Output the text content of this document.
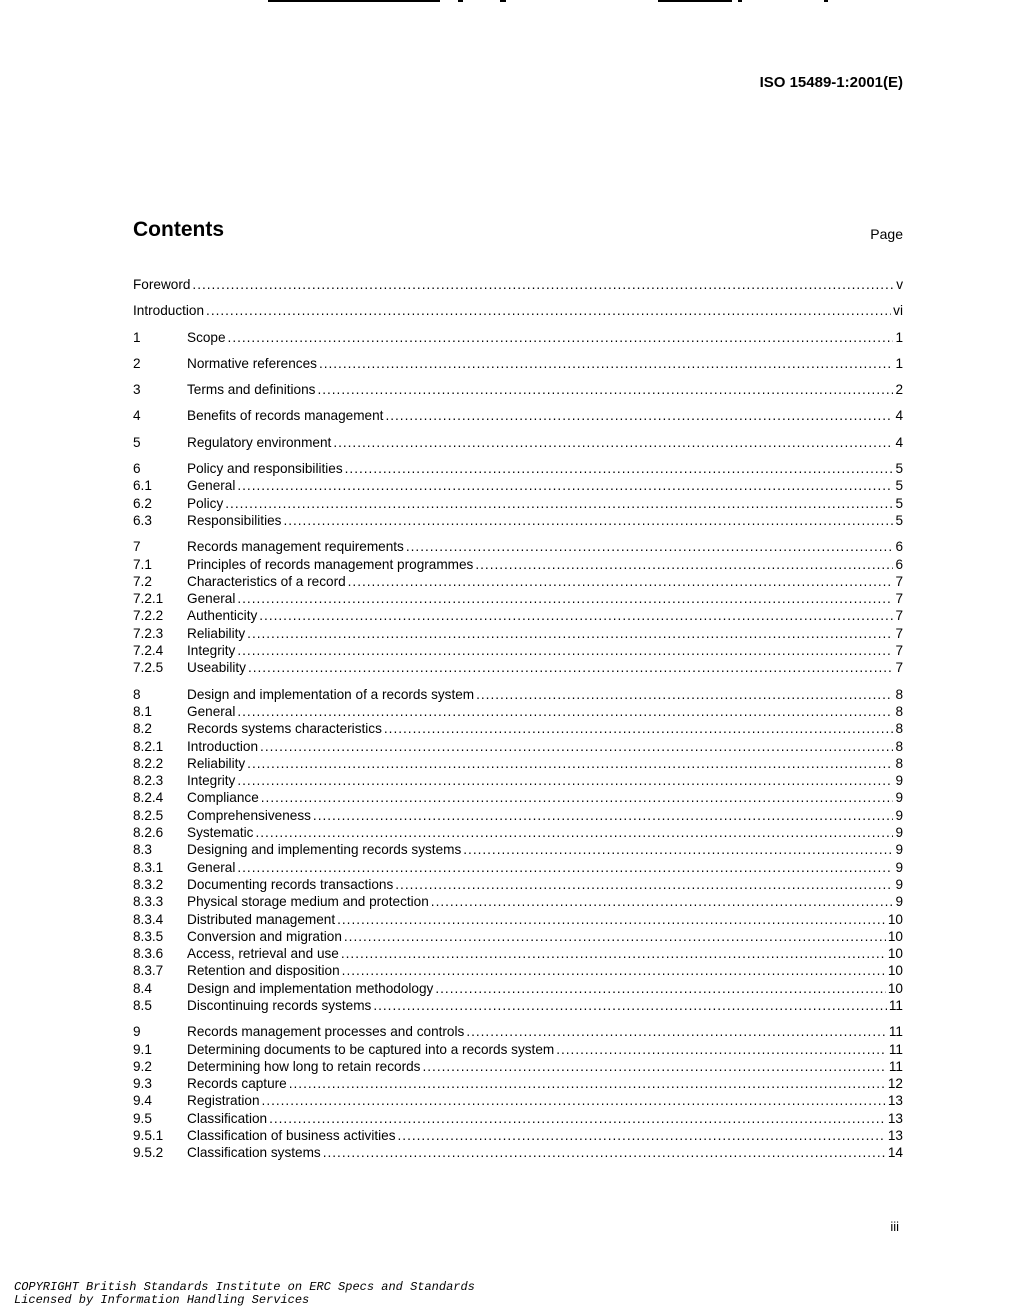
ISO 15489-1:2001(E)
Contents	Page
Foreword .....	v
Introduction .....	vi
1	Scope .....	1
2	Normative references .....	1
3	Terms and definitions .....	2
4	Benefits of records management .....	4
5	Regulatory environment .....	4
6	Policy and responsibilities .....	5
6.1	General .....	5
6.2	Policy .....	5
6.3	Responsibilities .....	5
7	Records management requirements .....	6
7.1	Principles of records management programmes .....	6
7.2	Characteristics of a record .....	7
7.2.1	General .....	7
7.2.2	Authenticity .....	7
7.2.3	Reliability .....	7
7.2.4	Integrity .....	7
7.2.5	Useability .....	7
8	Design and implementation of a records system .....	8
8.1	General .....	8
8.2	Records systems characteristics .....	8
8.2.1	Introduction .....	8
8.2.2	Reliability .....	8
8.2.3	Integrity .....	9
8.2.4	Compliance .....	9
8.2.5	Comprehensiveness .....	9
8.2.6	Systematic .....	9
8.3	Designing and implementing records systems .....	9
8.3.1	General .....	9
8.3.2	Documenting records transactions .....	9
8.3.3	Physical storage medium and protection .....	9
8.3.4	Distributed management .....	10
8.3.5	Conversion and migration .....	10
8.3.6	Access, retrieval and use .....	10
8.3.7	Retention and disposition .....	10
8.4	Design and implementation methodology .....	10
8.5	Discontinuing records systems .....	11
9	Records management processes and controls .....	11
9.1	Determining documents to be captured into a records system .....	11
9.2	Determining how long to retain records .....	11
9.3	Records capture .....	12
9.4	Registration .....	13
9.5	Classification .....	13
9.5.1	Classification of business activities .....	13
9.5.2	Classification systems .....	14
iii
COPYRIGHT British Standards Institute on ERC Specs and Standards
Licensed by Information Handling Services
